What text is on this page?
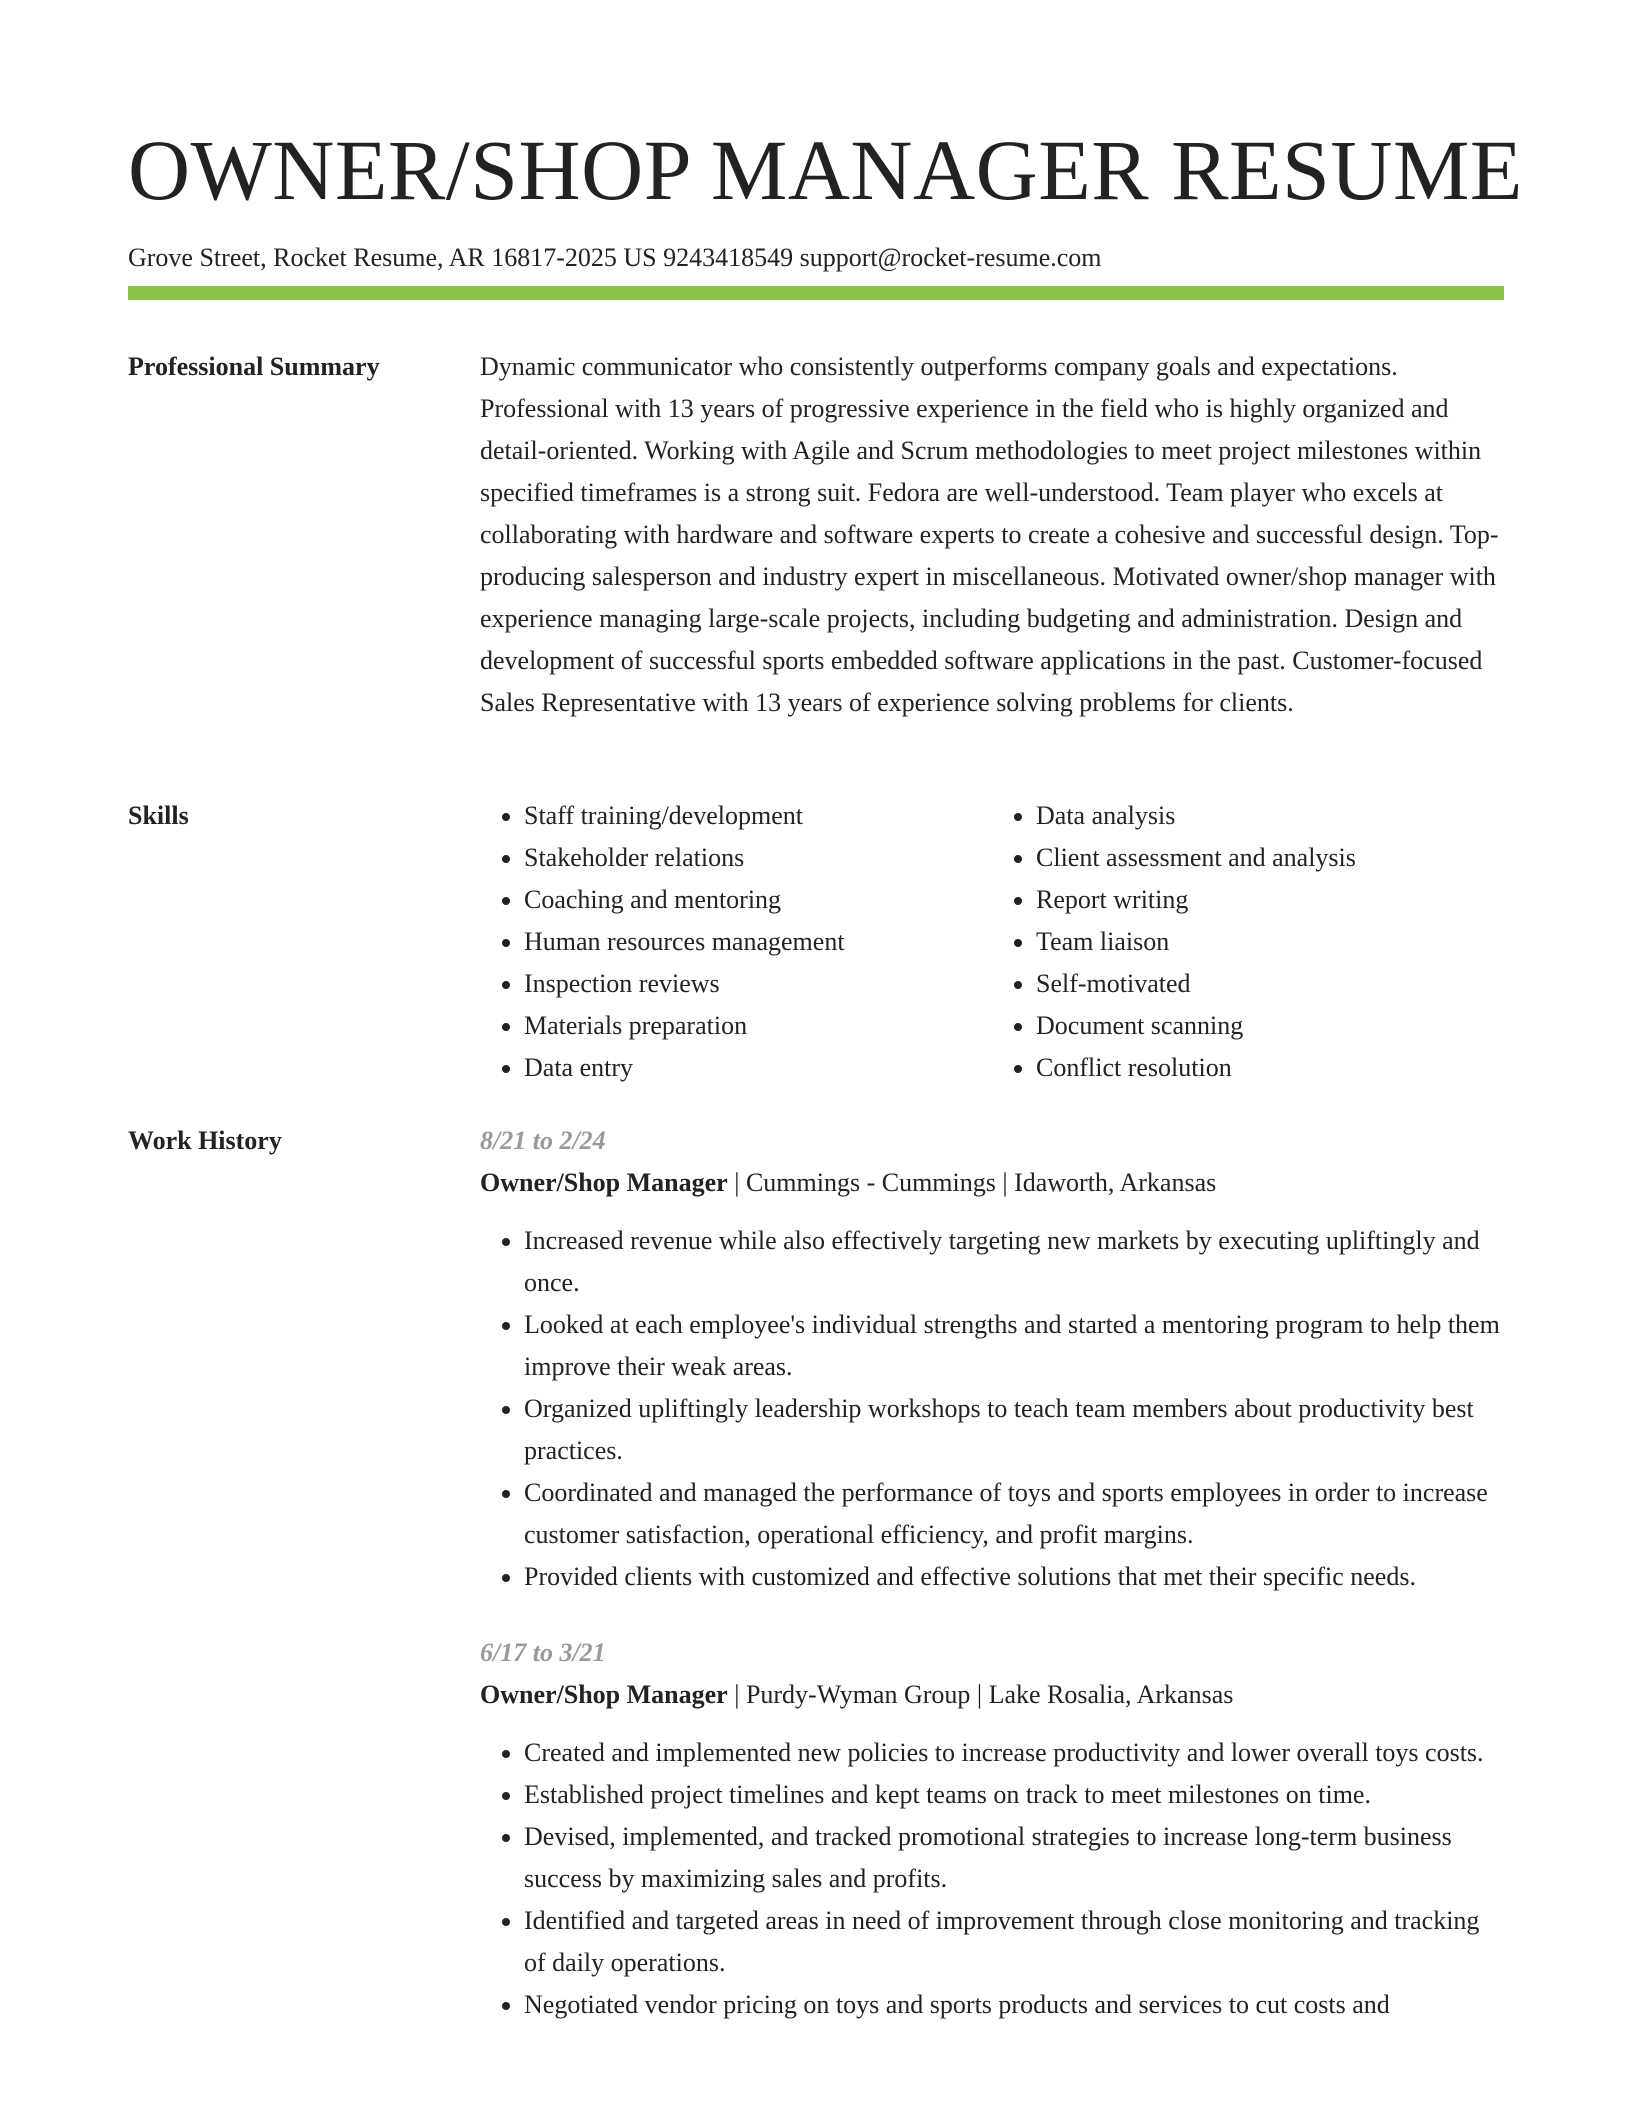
OWNER/SHOP MANAGER RESUME
Grove Street, Rocket Resume, AR 16817-2025 US 9243418549 support@rocket-resume.com
Professional Summary	Dynamic communicator who consistently outperforms company goals and expectations. Professional with 13 years of progressive experience in the field who is highly organized and detail-oriented. Working with Agile and Scrum methodologies to meet project milestones within specified timeframes is a strong suit. Fedora are well-understood. Team player who excels at collaborating with hardware and software experts to create a cohesive and successful design. Top-producing salesperson and industry expert in miscellaneous. Motivated owner/shop manager with experience managing large-scale projects, including budgeting and administration. Design and development of successful sports embedded software applications in the past. Customer-focused Sales Representative with 13 years of experience solving problems for clients.

Skills
•	Staff training/development
• Stakeholder relations
• Coaching and mentoring
• Human resources management
• Inspection reviews
• Materials preparation
• Data entry
• Data analysis
• Client assessment and analysis
• Report writing
• Team liaison
• Self-motivated
• Document scanning
• Conflict resolution
Work History	8/21 to 2/24
Owner/Shop Manager | Cummings - Cummings | Idaworth, Arkansas
• Increased revenue while also effectively targeting new markets by executing upliftingly and once.
• Looked at each employee's individual strengths and started a mentoring program to help them improve their weak areas.
• Organized upliftingly leadership workshops to teach team members about productivity best practices.
• Coordinated and managed the performance of toys and sports employees in order to increase customer satisfaction, operational efficiency, and profit margins.
• Provided clients with customized and effective solutions that met their specific needs.
6/17 to 3/21
Owner/Shop Manager | Purdy-Wyman Group | Lake Rosalia, Arkansas
• Created and implemented new policies to increase productivity and lower overall toys costs.
• Established project timelines and kept teams on track to meet milestones on time.
• Devised, implemented, and tracked promotional strategies to increase long-term business success by maximizing sales and profits.
• Identified and targeted areas in need of improvement through close monitoring and tracking of daily operations.
• Negotiated vendor pricing on toys and sports products and services to cut costs and
